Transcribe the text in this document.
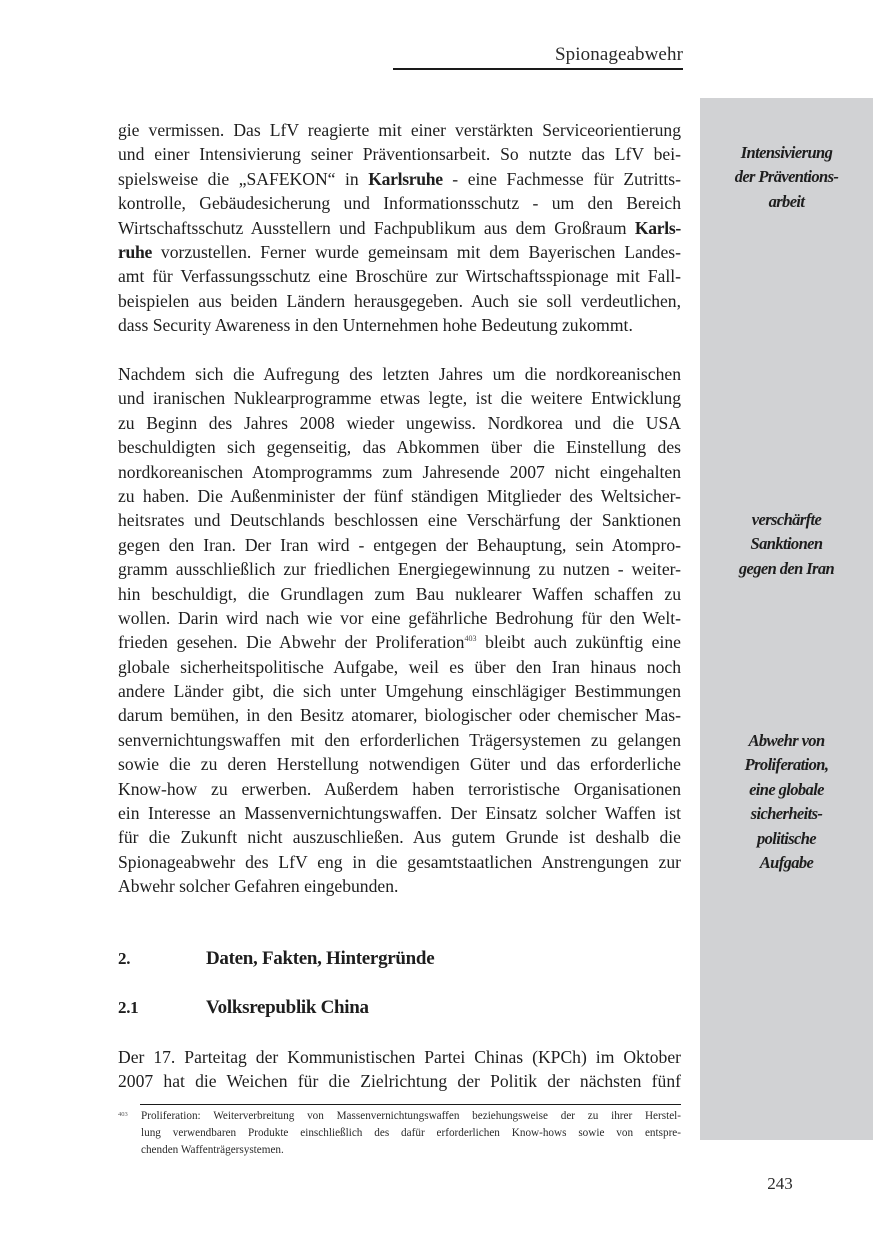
Spionageabwehr
Intensivierung
der Präventions-
arbeit
verschärfte
Sanktionen
gegen den Iran
Abwehr von
Proliferation,
eine globale
sicherheits-
politische
Aufgabe
gie vermissen. Das LfV reagierte mit einer verstärkten Serviceorientierung
und einer Intensivierung seiner Präventionsarbeit. So nutzte das LfV bei-
spielsweise die „SAFEKON“ in Karlsruhe - eine Fachmesse für Zutritts-
kontrolle, Gebäudesicherung und Informationsschutz - um den Bereich
Wirtschaftsschutz Ausstellern und Fachpublikum aus dem Großraum Karls-
ruhe vorzustellen. Ferner wurde gemeinsam mit dem Bayerischen Landes-
amt für Verfassungsschutz eine Broschüre zur Wirtschaftsspionage mit Fall-
beispielen aus beiden Ländern herausgegeben. Auch sie soll verdeutlichen,
dass Security Awareness in den Unternehmen hohe Bedeutung zukommt.
Nachdem sich die Aufregung des letzten Jahres um die nordkoreanischen
und iranischen Nuklearprogramme etwas legte, ist die weitere Entwicklung
zu Beginn des Jahres 2008 wieder ungewiss. Nordkorea und die USA
beschuldigten sich gegenseitig, das Abkommen über die Einstellung des
nordkoreanischen Atomprogramms zum Jahresende 2007 nicht eingehalten
zu haben. Die Außenminister der fünf ständigen Mitglieder des Weltsicher-
heitsrates und Deutschlands beschlossen eine Verschärfung der Sanktionen
gegen den Iran. Der Iran wird - entgegen der Behauptung, sein Atompro-
gramm ausschließlich zur friedlichen Energiegewinnung zu nutzen - weiter-
hin beschuldigt, die Grundlagen zum Bau nuklearer Waffen schaffen zu
wollen. Darin wird nach wie vor eine gefährliche Bedrohung für den Welt-
frieden gesehen. Die Abwehr der Proliferation$^{403}$ bleibt auch zukünftig eine
globale sicherheitspolitische Aufgabe, weil es über den Iran hinaus noch
andere Länder gibt, die sich unter Umgehung einschlägiger Bestimmungen
darum bemühen, in den Besitz atomarer, biologischer oder chemischer Mas-
senvernichtungswaffen mit den erforderlichen Trägersystemen zu gelangen
sowie die zu deren Herstellung notwendigen Güter und das erforderliche
Know-how zu erwerben. Außerdem haben terroristische Organisationen
ein Interesse an Massenvernichtungswaffen. Der Einsatz solcher Waffen ist
für die Zukunft nicht auszuschließen. Aus gutem Grunde ist deshalb die
Spionageabwehr des LfV eng in die gesamtstaatlichen Anstrengungen zur
Abwehr solcher Gefahren eingebunden.
2.	Daten, Fakten, Hintergründe
2.1	Volksrepublik China
Der 17. Parteitag der Kommunistischen Partei Chinas (KPCh) im Oktober
2007 hat die Weichen für die Zielrichtung der Politik der nächsten fünf
403 Proliferation: Weiterverbreitung von Massenvernichtungswaffen beziehungsweise der zu ihrer Herstel-
lung verwendbaren Produkte einschließlich des dafür erforderlichen Know-hows sowie von entspre-
chenden Waffenträgersystemen.
243
